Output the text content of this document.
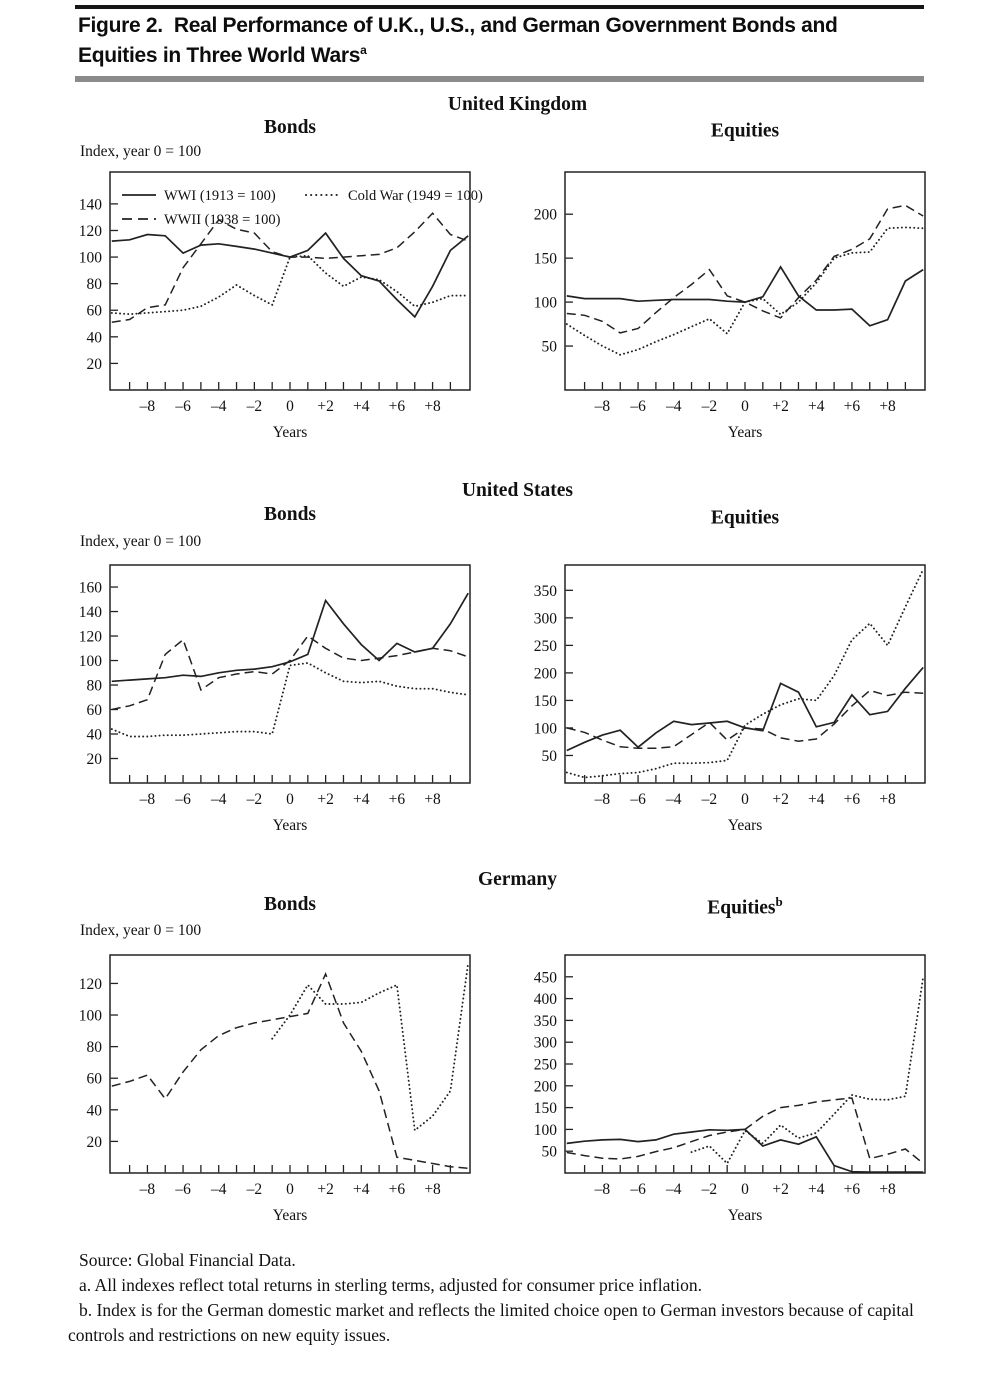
Figure 2. Real Performance of U.K., U.S., and German Government Bonds and
Equities in Three World Wars$^a$
United Kingdom
Bonds	Equities
Index, year 0 = 100
20
40
60
80
100
120
140
–8 –6 –4 –2 0 +2 +4 +6 +8
WWI (1913 = 100)	Cold War (1949 = 100)
WWII (1938 = 100)
50
100
150
200
–8 –6 –4 –2 0 +2 +4 +6 +8
Years	Years
United States
Bonds	Equities
Index, year 0 = 100
20
40
60
80
100
120
140
160
–8 –6 –4 –2 0 +2 +4 +6 +8
50
100
150
200
250
300
350
–8 –6 –4 –2 0 +2 +4 +6 +8
Years	Years
Germany
Bonds	Equities$^b$
Index, year 0 = 100
20
40
60
80
100
120
–8 –6 –4 –2 0 +2 +4 +6 +8
50
100
150
200
250
300
350
400
450
–8 –6 –4 –2 0 +2 +4 +6 +8
Years	Years

Source: Global Financial Data.

a. All indexes reflect total returns in sterling terms, adjusted for consumer price inflation.

b. Index is for the German domestic market and reflects the limited choice open to German investors because of capital controls and restrictions on new equity issues.
